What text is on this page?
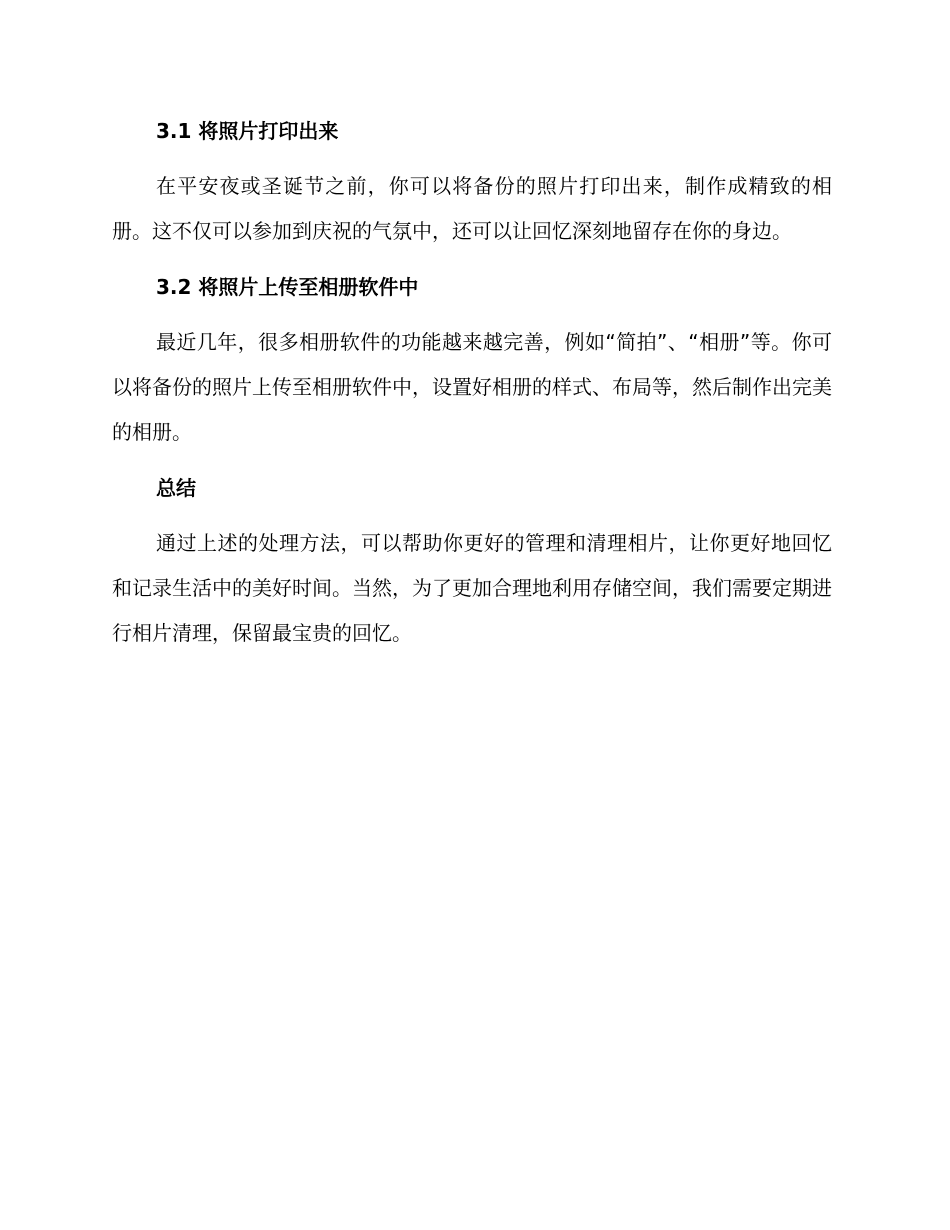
3.1 将照片打印出来

在平安夜或圣诞节之前，你可以将备份的照片打印出来，制作成精致的相册。这不仅可以参加到庆祝的气氛中，还可以让回忆深刻地留存在你的身边。

3.2 将照片上传至相册软件中

最近几年，很多相册软件的功能越来越完善，例如“简拍”、“相册”等。你可以将备份的照片上传至相册软件中，设置好相册的样式、布局等，然后制作出完美的相册。

总结

通过上述的处理方法，可以帮助你更好的管理和清理相片，让你更好地回忆和记录生活中的美好时间。当然，为了更加合理地利用存储空间，我们需要定期进行相片清理，保留最宝贵的回忆。
